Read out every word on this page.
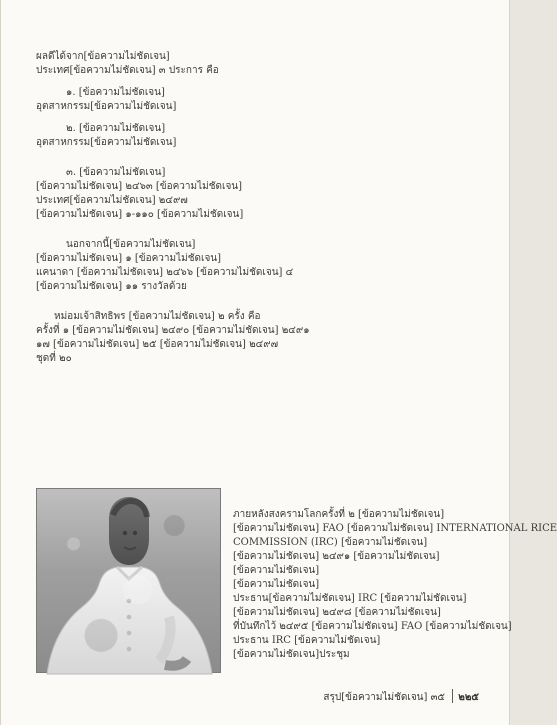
ผลดีได้จาก[ข้อความไม่ชัดเจน]
ประเทศ[ข้อความไม่ชัดเจน] ๓ ประการ คือ
๑. [ข้อความไม่ชัดเจน]
อุตสาหกรรม[ข้อความไม่ชัดเจน]
๒. [ข้อความไม่ชัดเจน]
อุตสาหกรรม[ข้อความไม่ชัดเจน]
๓. [ข้อความไม่ชัดเจน]
[ข้อความไม่ชัดเจน] ๒๔๖๓ [ข้อความไม่ชัดเจน]
ประเทศ[ข้อความไม่ชัดเจน] ๒๔๙๗
[ข้อความไม่ชัดเจน] ๑-๑๑๐ [ข้อความไม่ชัดเจน]
นอกจากนี้[ข้อความไม่ชัดเจน]
[ข้อความไม่ชัดเจน] ๑ [ข้อความไม่ชัดเจน]
แคนาดา [ข้อความไม่ชัดเจน] ๒๔๖๖ [ข้อความไม่ชัดเจน] ๔
[ข้อความไม่ชัดเจน] ๑๑ รางวัลด้วย
หม่อมเจ้าสิทธิพร [ข้อความไม่ชัดเจน] ๒ ครั้ง คือ
ครั้งที่ ๑ [ข้อความไม่ชัดเจน] ๒๔๙๐ [ข้อความไม่ชัดเจน] ๒๔๙๑
๑๗ [ข้อความไม่ชัดเจน] ๒๕ [ข้อความไม่ชัดเจน] ๒๔๙๗
ชุดที่ ๒๐
ภายหลังสงครามโลกครั้งที่ ๒ [ข้อความไม่ชัดเจน]
[ข้อความไม่ชัดเจน] FAO [ข้อความไม่ชัดเจน] INTERNATIONAL RICE
COMMISSION (IRC) [ข้อความไม่ชัดเจน]
[ข้อความไม่ชัดเจน] ๒๔๙๑ [ข้อความไม่ชัดเจน]
[ข้อความไม่ชัดเจน]
[ข้อความไม่ชัดเจน]
ประธาน[ข้อความไม่ชัดเจน] IRC [ข้อความไม่ชัดเจน]
[ข้อความไม่ชัดเจน] ๒๔๙๘ [ข้อความไม่ชัดเจน]
ที่บันทึกไว้ ๒๔๙๕ [ข้อความไม่ชัดเจน] FAO [ข้อความไม่ชัดเจน]
ประธาน IRC [ข้อความไม่ชัดเจน]
[ข้อความไม่ชัดเจน]ประชุม
สรุป[ข้อความไม่ชัดเจน] ๓๕ ๒๒๕
